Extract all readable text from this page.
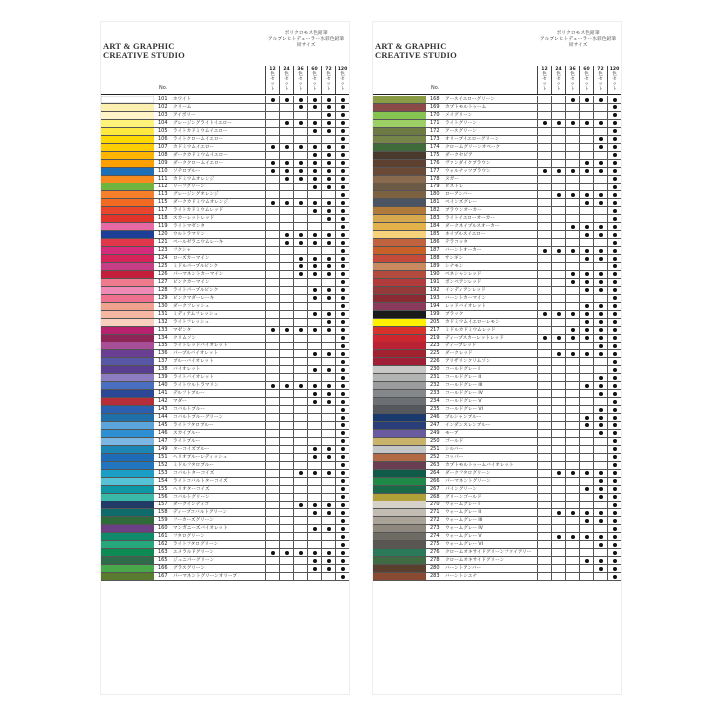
ART & GRAPHIC
CREATIVE STUDIO
ポリクロモス色鉛筆
アルブレヒトデューラー水彩色鉛筆
同サイズ
No.
12
色
セ
ッ
ト
24
色
セ
ッ
ト
36
色
セ
ッ
ト
60
色
セ
ッ
ト
72
色
セ
ッ
ト
120
色
セ
ッ
ト
101 ホワイト
102 クリーム
103 アイボリー
104 グレージングライトイエロー
105 ライトカドミウムイエロー
106 ライトクロームイエロー
107 カドミウムイエロー
108 ダークカドミウムイエロー
109 ダーククロームイエロー
110 ソテロブルー
111 カドミウムオレンジ
112 リーフグリーン
113 グレージングオレンジ
115 ダークカドミウムオレンジ
117 ライトカドミウムレッド
118 スカーレットレッド
119 ライトマゼンタ
120 ウルトラマリン
121 ペールゼラニウムレーキ
123 フクシャ
124 ローズカーマイン
125 ミドルパープルピンク
126 パーマネントカーマイン
127 ピンクカーマイン
128 ライトパープルピンク
129 ピンクマダーレーキ
130 ダークフレッシュ
131 ミディアムフレッシュ
132 ライトフレッシュ
133 マゼンタ
134 クリムソン
135 ライトレッドバイオレット
136 パープルバイオレット
137 ブルーバイオレット
138 バイオレット
139 ライトバイオレット
140 ライトウルトラマリン
141 デルフトブルー
142 マダー
143 コバルトブルー
144 コバルトブルーグリーン
145 ライトフタロブルー
146 スカイブルー
147 ライトブルー
149 ターコイズブルー
151 ヘリオブルーレディッシュ
152 ミドルフタロブルー
153 コバルトターコイズ
154 ライトコバルトターコイズ
155 ヘリオターコイズ
156 コバルトグリーン
157 ダークインディゴ
158 ディープコバルトグリーン
159 フーカーズグリーン
160 マンガニーズバイオレット
161 フタログリーン
162 ライトフタログリーン
163 エメラルドグリーン
165 ジュニパーグリーン
166 グラスグリーン
167 パーマネントグリーンオリーブ
ART & GRAPHIC
CREATIVE STUDIO
ポリクロモス色鉛筆
アルブレヒトデューラー水彩色鉛筆
同サイズ
No.
12
色
セ
ッ
ト
24
色
セ
ッ
ト
36
色
セ
ッ
ト
60
色
セ
ッ
ト
72
色
セ
ッ
ト
120
色
セ
ッ
ト
168 アースイエローグリーン
169 カプトモルトゥーム
170 メイグリーン
171 ライトグリーン
172 アースグリーン
173 オリーブイエローグリーン
174 クロームグリーンオペーク
175 ダークセピア
176 ヴァンダイクブラウン
177 ウォルナッツブラウン
178 ヌガー
179 ビストレ
180 ローアンバー
181 ペインズグレー
182 ブラウンオーカー
183 ライトイエローオーカー
184 ダークネイプルスオーカー
185 ネイプルスイエロー
186 テラコッタ
187 バーントオーカー
188 サンギン
189 シナモン
190 ベネシャンレッド
191 ポンペアンレッド
192 インディアンレッド
193 バーントカーマイン
194 レッドバイオレット
199 ブラック
205 カドミウムイエローレモン
217 ミドルカドミウムレッド
219 ディープスカーレットレッド
223 ディープレッド
225 ダークレッド
226 アリザリンクリムソン
230 コールドグレー I
231 コールドグレー II
232 コールドグレー III
233 コールドグレー IV
234 コールドグレー V
235 コールドグレー VI
246 プルシャンブルー
247 インダンスレンブルー
249 モーブ
250 ゴールド
251 シルバー
252 コッパー
263 カプトモルトゥームバイオレット
264 ダークフタログリーン
266 パーマネントグリーン
267 パイングリーン
268 グリーンゴールド
270 ウォームグレー I
271 ウォームグレー II
272 ウォームグレー III
273 ウォームグレー IV
274 ウォームグレー V
275 ウォームグレー VI
276 クロームオキサイドグリーンファイアリー
278 クロームオキサイドグリーン
280 バーントアンバー
283 バーントシエナ
